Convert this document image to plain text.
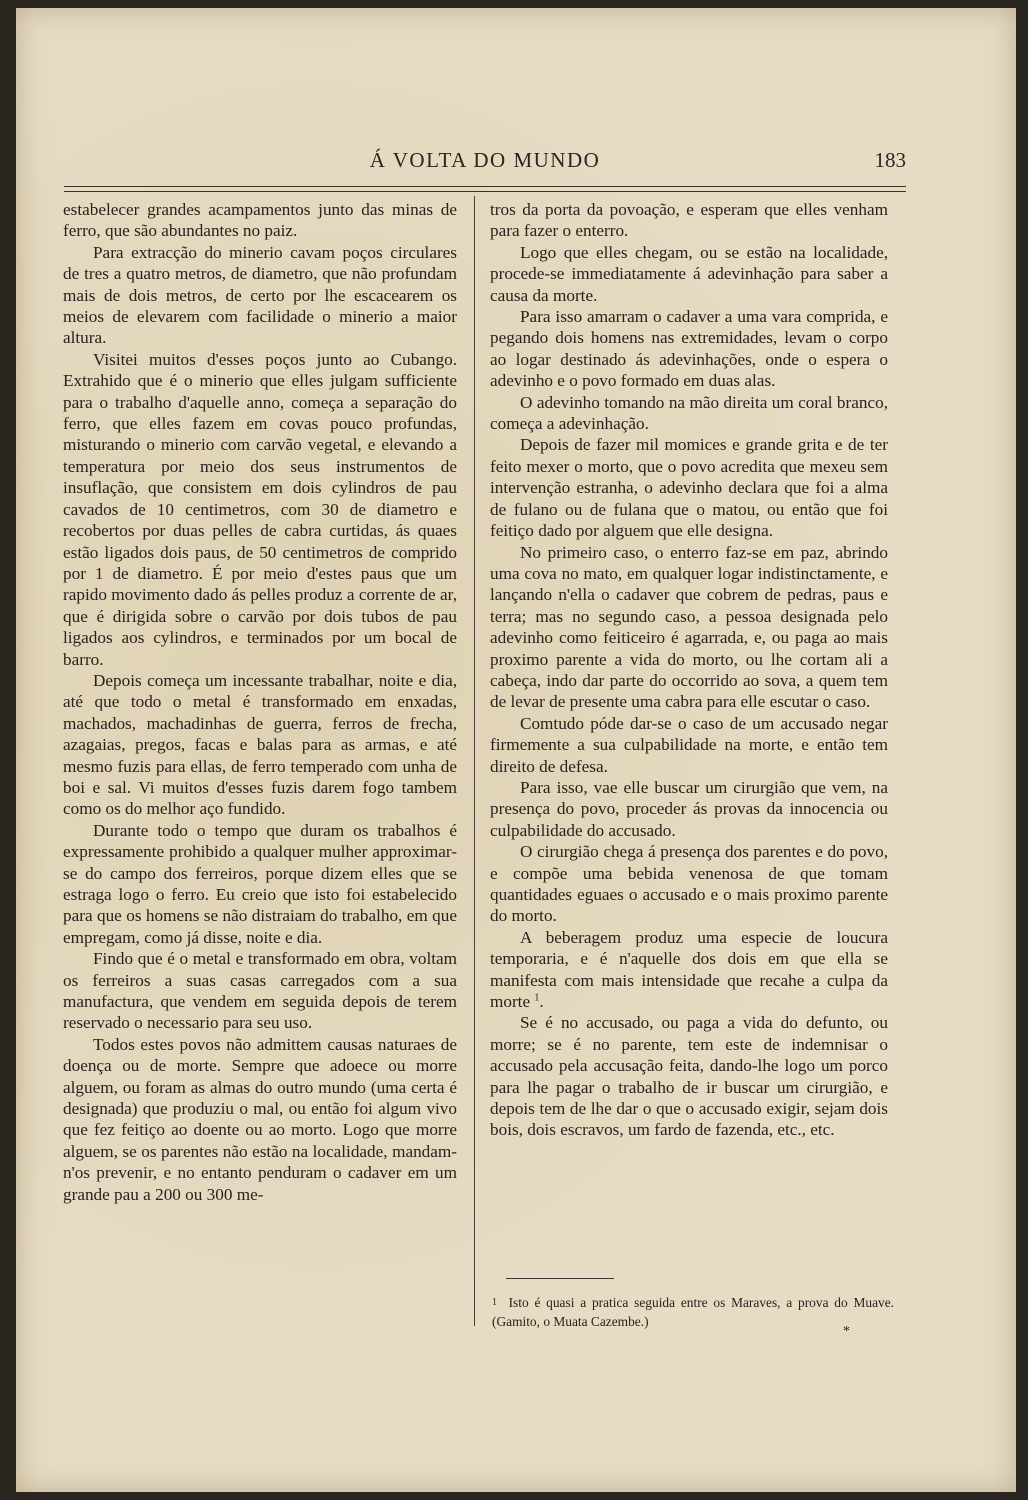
Á VOLTA DO MUNDO	183

estabelecer grandes acampamentos junto das minas de ferro, que são abundantes no paiz.

Para extracção do minerio cavam poços circulares de tres a quatro metros, de diametro, que não profundam mais de dois metros, de certo por lhe escacearem os meios de elevarem com facilidade o minerio a maior altura.

Visitei muitos d'esses poços junto ao Cubango. Extrahido que é o minerio que elles julgam sufficiente para o trabalho d'aquelle anno, começa a separação do ferro, que elles fazem em covas pouco profundas, misturando o minerio com carvão vegetal, e elevando a temperatura por meio dos seus instrumentos de insuflação, que consistem em dois cylindros de pau cavados de 10 centimetros, com 30 de diametro e recobertos por duas pelles de cabra curtidas, ás quaes estão ligados dois paus, de 50 centimetros de comprido por 1 de diametro. É por meio d'estes paus que um rapido movimento dado ás pelles produz a corrente de ar, que é dirigida sobre o carvão por dois tubos de pau ligados aos cylindros, e terminados por um bocal de barro.

Depois começa um incessante trabalhar, noite e dia, até que todo o metal é transformado em enxadas, machados, machadinhas de guerra, ferros de frecha, azagaias, pregos, facas e balas para as armas, e até mesmo fuzis para ellas, de ferro temperado com unha de boi e sal. Vi muitos d'esses fuzis darem fogo tambem como os do melhor aço fundido.

Durante todo o tempo que duram os trabalhos é expressamente prohibido a qualquer mulher approximar-se do campo dos ferreiros, porque dizem elles que se estraga logo o ferro. Eu creio que isto foi estabelecido para que os homens se não distraiam do trabalho, em que empregam, como já disse, noite e dia.

Findo que é o metal e transformado em obra, voltam os ferreiros a suas casas carregados com a sua manufactura, que vendem em seguida depois de terem reservado o necessario para seu uso.

Todos estes povos não admittem causas naturaes de doença ou de morte. Sempre que adoece ou morre alguem, ou foram as almas do outro mundo (uma certa é designada) que produziu o mal, ou então foi algum vivo que fez feitiço ao doente ou ao morto. Logo que morre alguem, se os parentes não estão na localidade, mandam-n'os prevenir, e no entanto penduram o cadaver em um grande pau a 200 ou 300 me-

tros da porta da povoação, e esperam que elles venham para fazer o enterro.

Logo que elles chegam, ou se estão na localidade, procede-se immediatamente á adevinhação para saber a causa da morte.

Para isso amarram o cadaver a uma vara comprida, e pegando dois homens nas extremidades, levam o corpo ao logar destinado ás adevinhações, onde o espera o adevinho e o povo formado em duas alas.

O adevinho tomando na mão direita um coral branco, começa a adevinhação.

Depois de fazer mil momices e grande grita e de ter feito mexer o morto, que o povo acredita que mexeu sem intervenção estranha, o adevinho declara que foi a alma de fulano ou de fulana que o matou, ou então que foi feitiço dado por alguem que elle designa.

No primeiro caso, o enterro faz-se em paz, abrindo uma cova no mato, em qualquer logar indistinctamente, e lançando n'ella o cadaver que cobrem de pedras, paus e terra; mas no segundo caso, a pessoa designada pelo adevinho como feiticeiro é agarrada, e, ou paga ao mais proximo parente a vida do morto, ou lhe cortam ali a cabeça, indo dar parte do occorrido ao sova, a quem tem de levar de presente uma cabra para elle escutar o caso.

Comtudo póde dar-se o caso de um accusado negar firmemente a sua culpabilidade na morte, e então tem direito de defesa.

Para isso, vae elle buscar um cirurgião que vem, na presença do povo, proceder ás provas da innocencia ou culpabilidade do accusado.

O cirurgião chega á presença dos parentes e do povo, e compõe uma bebida venenosa de que tomam quantidades eguaes o accusado e o mais proximo parente do morto.

A beberagem produz uma especie de loucura temporaria, e é n'aquelle dos dois em que ella se manifesta com mais intensidade que recahe a culpa da morte $^1$.

Se é no accusado, ou paga a vida do defunto, ou morre; se é no parente, tem este de indemnisar o accusado pela accusação feita, dando-lhe logo um porco para lhe pagar o trabalho de ir buscar um cirurgião, e depois tem de lhe dar o que o accusado exigir, sejam dois bois, dois escravos, um fardo de fazenda, etc., etc.

1 Isto é quasi a pratica seguida entre os Maraves, a prova do Muave. (Gamito, o Muata Cazembe.)
*
